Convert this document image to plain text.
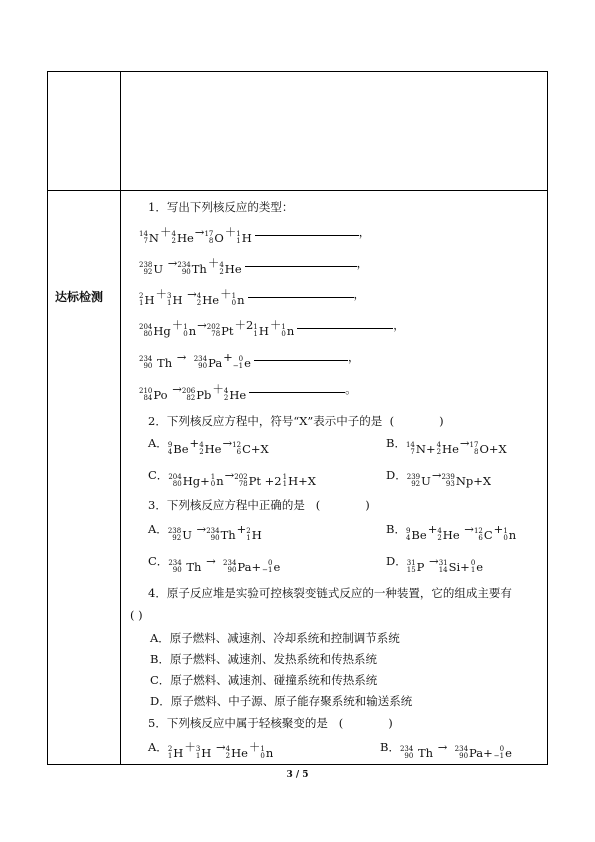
达标检测
1．写出下列核反应的类型：
14
7 N ＋ 4
2 He → 17
8 O ＋ 1
1 H	，
238
92 U → 234
90 Th ＋ 4
2 He	，
2
1 H ＋ 3
1 H → 4
2 He ＋ 1
0 n	，
204
80 Hg ＋ 1
0 n → 202
78 Pt ＋2 1
1 H ＋ 1
0 n	，
234
90 Th → 234
90 Pa + 0
−1 e	，
210
84 Po → 206
82 Pb ＋ 4
2 He	。
2．下列核反应方程中，符号“X”表示中子的是 (	)
A． 9
4 Be + 4
2 He → 12
6 C+X	B． 14
7 N+ 4
2 He → 17
8 O+X
C． 204
80 Hg+ 1
0 n → 202
78 Pt +2 1
1 H+X	D． 239
92 U → 239
93 Np+X
3．下列核反应方程中正确的是 (	)
A． 238
92 U → 234
90 Th + 2
1 H	B． 9
4 Be + 4
2 He → 12
6 C + 1
0 n
C． 234
90 Th → 234
90 Pa+ 0
−1 e	D． 31
15 P → 31
14 Si+ 0
1 e
4．原子反应堆是实验可控核裂变链式反应的一种装置，它的组成主要有
( )
A．原子燃料、减速剂、冷却系统和控制调节系统
B．原子燃料、减速剂、发热系统和传热系统
C．原子燃料、减速剂、碰撞系统和传热系统
D．原子燃料、中子源、原子能存聚系统和输送系统
5．下列核反应中属于轻核聚变的是 (	)
A． 2
1 H ＋ 3
1 H → 4
2 He ＋ 1
0 n	B． 234
90 Th → 234
90 Pa+ 0
−1 e
3 / 5
